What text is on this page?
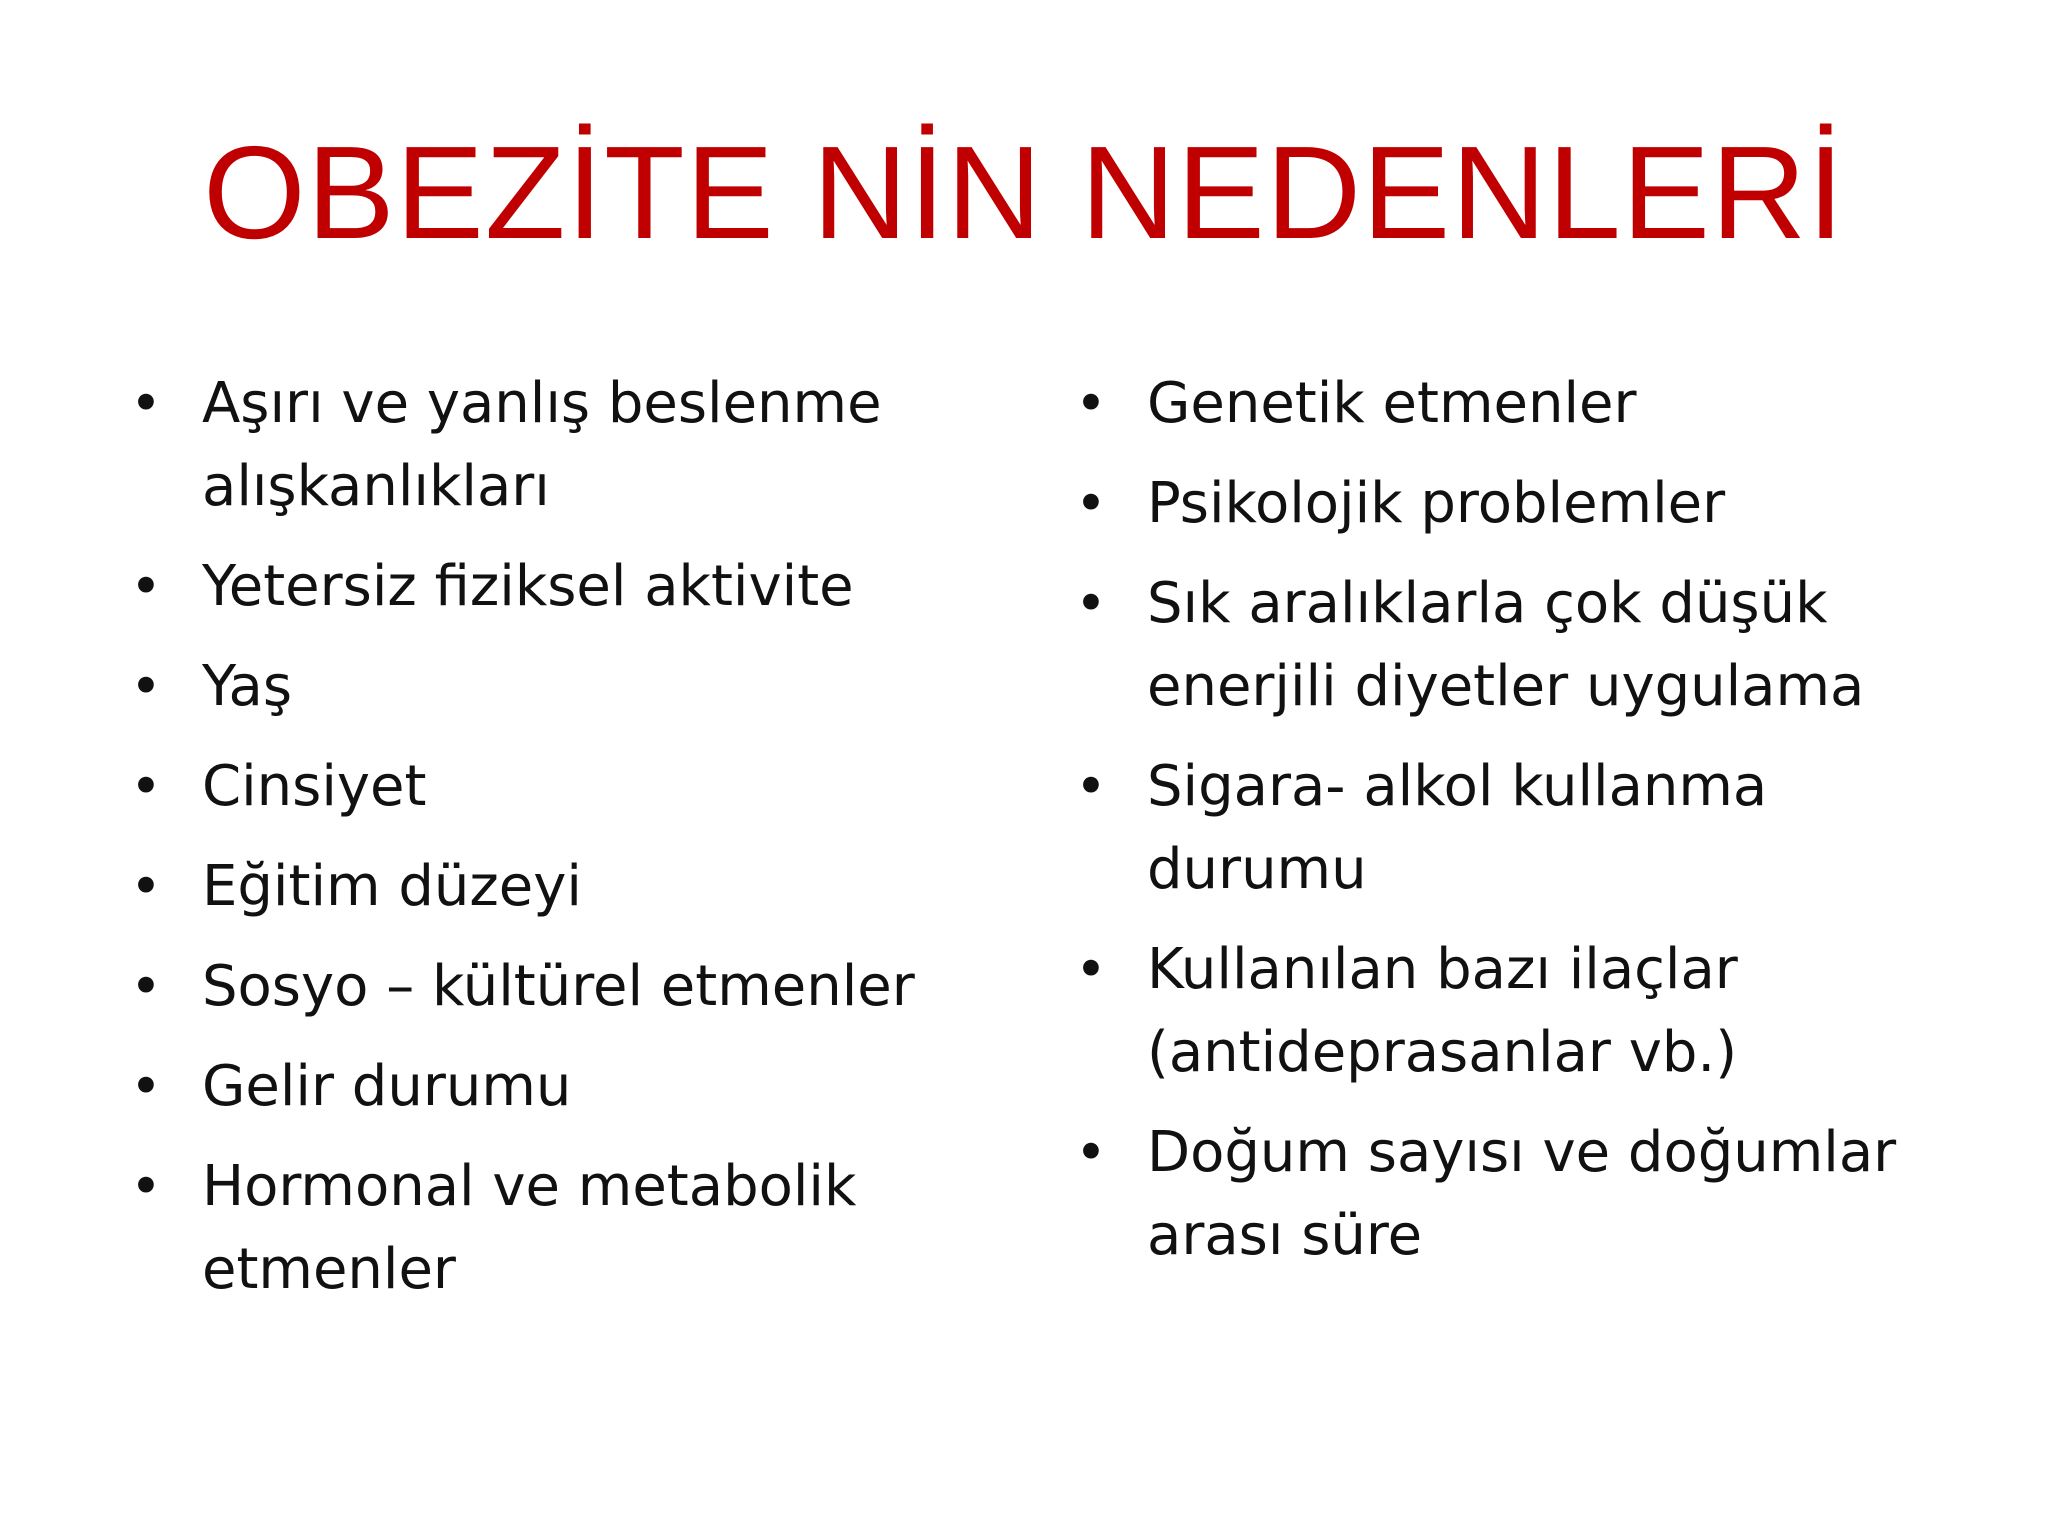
OBEZİTE NİN NEDENLERİ
• Aşırı ve yanlış beslenme alışkanlıkları
• Yetersiz fiziksel aktivite
• Yaş
• Cinsiyet
• Eğitim düzeyi
• Sosyo – kültürel etmenler
• Gelir durumu
• Hormonal ve metabolik etmenler
• Genetik etmenler
• Psikolojik problemler
• Sık aralıklarla çok düşük enerjili diyetler uygulama
• Sigara- alkol kullanma durumu
• Kullanılan bazı ilaçlar (antideprasanlar vb.)
• Doğum sayısı ve doğumlar arası süre
